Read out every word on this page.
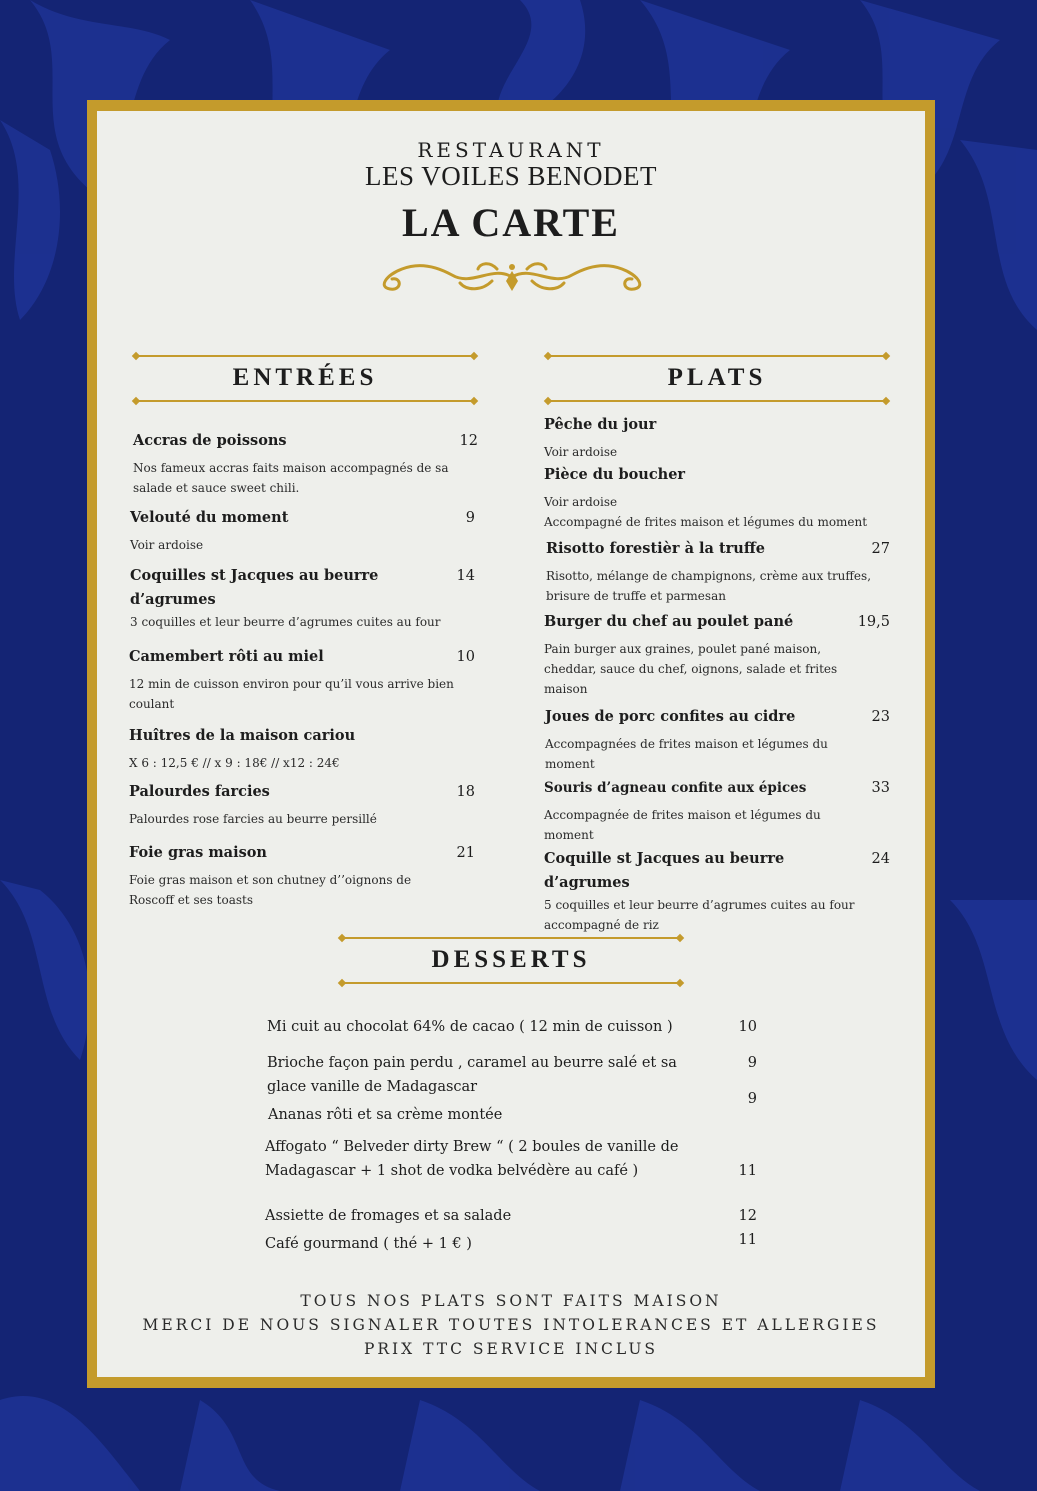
RESTAURANT
LES VOILES BENODET
LA CARTE
ENTRÉES
Accras de poissons	12
Nos fameux accras faits maison accompagnés de sa salade et sauce sweet chili.
Velouté du moment	9
Voir ardoise
Coquilles st Jacques au beurre d’agrumes
14
3 coquilles et leur beurre d’agrumes cuites au four
Camembert rôti au miel	10
12 min de cuisson environ pour qu’il vous arrive bien coulant
Huîtres de la maison cariou
X 6 : 12,5 € // x 9 : 18€ // x12 : 24€
Palourdes farcies	18
Palourdes rose farcies au beurre persillé
Foie gras maison	21
Foie gras maison et son chutney d’’oignons de Roscoff et ses toasts
PLATS
Pêche du jour
Voir ardoise
Pièce du boucher
Voir ardoise
Accompagné de frites maison et légumes du moment
Risotto forestièr à la truffe	27
Risotto, mélange de champignons, crème aux truffes, brisure de truffe et parmesan
Burger du chef au poulet pané	19,5
Pain burger aux graines, poulet pané maison, cheddar, sauce du chef, oignons, salade et frites maison
Joues de porc confites au cidre	23
Accompagnées de frites maison et légumes du moment
Souris d’agneau confite aux épices	33
Accompagnée de frites maison et légumes du moment
Coquille st Jacques au beurre d’agrumes
24
5 coquilles et leur beurre d’agrumes cuites au four accompagné de riz
DESSERTS
Mi cuit au chocolat 64% de cacao ( 12 min de cuisson )	10
Brioche façon pain perdu , caramel au beurre salé et sa glace vanille de Madagascar
9
Ananas rôti et sa crème montée
9
Affogato “ Belveder dirty Brew “ ( 2 boules de vanille de Madagascar + 1 shot de vodka belvédère au café )	11
Assiette de fromages et sa salade	12
Café gourmand ( thé + 1 € )	11
TOUS NOS PLATS SONT FAITS MAISON
MERCI DE NOUS SIGNALER TOUTES INTOLERANCES ET ALLERGIES
PRIX TTC SERVICE INCLUS
